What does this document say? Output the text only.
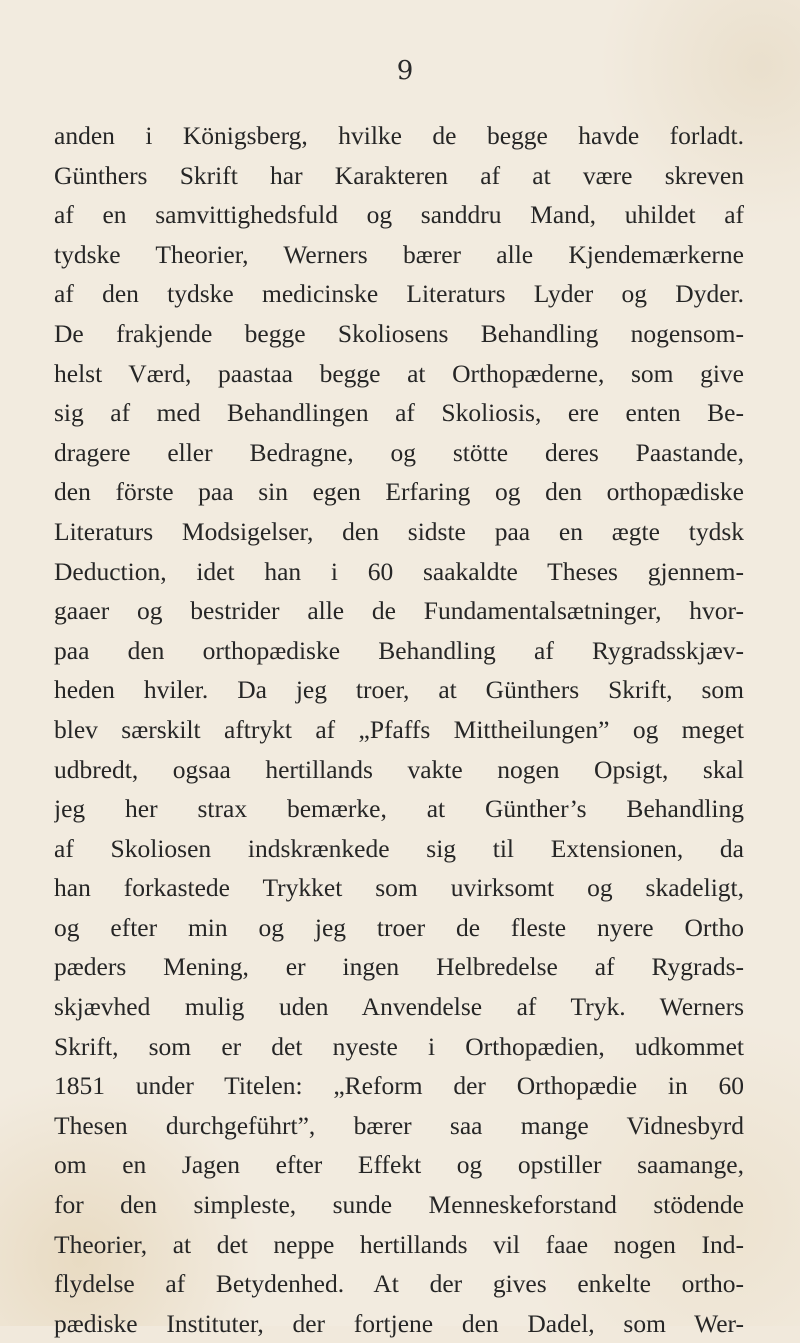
9
anden i Königsberg, hvilke de begge havde forladt.
Günthers Skrift har Karakteren af at være skreven
af en samvittighedsfuld og sanddru Mand, uhildet af
tydske Theorier, Werners bærer alle Kjendemærkerne
af den tydske medicinske Literaturs Lyder og Dyder.
De frakjende begge Skoliosens Behandling nogensom-
helst Værd, paastaa begge at Orthopæderne, som give
sig af med Behandlingen af Skoliosis, ere enten Be-
dragere eller Bedragne, og stötte deres Paastande,
den förste paa sin egen Erfaring og den orthopædiske
Literaturs Modsigelser, den sidste paa en ægte tydsk
Deduction, idet han i 60 saakaldte Theses gjennem-
gaaer og bestrider alle de Fundamentalsætninger, hvor-
paa den orthopædiske Behandling af Rygradsskjæv-
heden hviler. Da jeg troer, at Günthers Skrift, som
blev særskilt aftrykt af „Pfaffs Mittheilungen” og meget
udbredt, ogsaa hertillands vakte nogen Opsigt, skal
jeg her strax bemærke, at Günther’s Behandling
af Skoliosen indskrænkede sig til Extensionen, da
han forkastede Trykket som uvirksomt og skadeligt,
og efter min og jeg troer de fleste nyere Ortho
pæders Mening, er ingen Helbredelse af Rygrads-
skjævhed mulig uden Anvendelse af Tryk. Werners
Skrift, som er det nyeste i Orthopædien, udkommet
1851 under Titelen: „Reform der Orthopædie in 60
Thesen durchgeführt”, bærer saa mange Vidnesbyrd
om en Jagen efter Effekt og opstiller saamange,
for den simpleste, sunde Menneskeforstand stödende
Theorier, at det neppe hertillands vil faae nogen Ind-
flydelse af Betydenhed. At der gives enkelte ortho-
pædiske Instituter, der fortjene den Dadel, som Wer-
